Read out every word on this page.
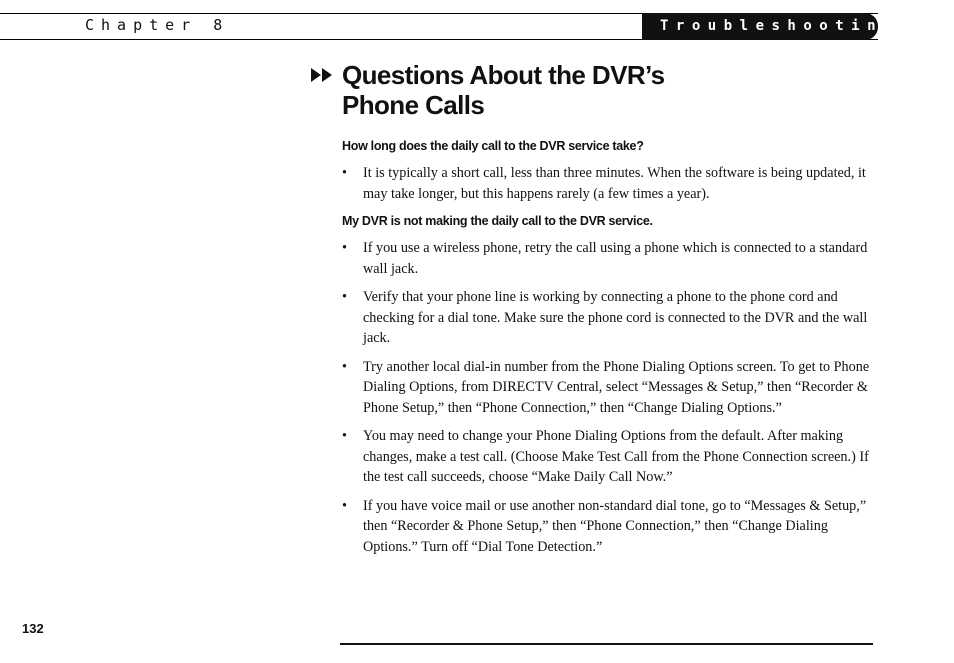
Chapter 8	Troubleshooting
Questions About the DVR’s
Phone Calls

How long does the daily call to the DVR service take?

• It is typically a short call, less than three minutes. When the software is being updated, it may take longer, but this happens rarely (a few times a year).

My DVR is not making the daily call to the DVR service.

• If you use a wireless phone, retry the call using a phone which is connected to a standard wall jack.
• Verify that your phone line is working by connecting a phone to the phone cord and checking for a dial tone. Make sure the phone cord is connected to the DVR and the wall jack.
• Try another local dial-in number from the Phone Dialing Options screen. To get to Phone Dialing Options, from DIRECTV Central, select “Messages & Setup,” then “Recorder & Phone Setup,” then “Phone Connection,” then “Change Dialing Options.”
• You may need to change your Phone Dialing Options from the default. After making changes, make a test call. (Choose Make Test Call from the Phone Connection screen.) If the test call succeeds, choose “Make Daily Call Now.”
• If you have voice mail or use another non-standard dial tone, go to “Messages & Setup,” then “Recorder & Phone Setup,” then “Phone Connection,” then “Change Dialing Options.” Turn off “Dial Tone Detection.”
132
